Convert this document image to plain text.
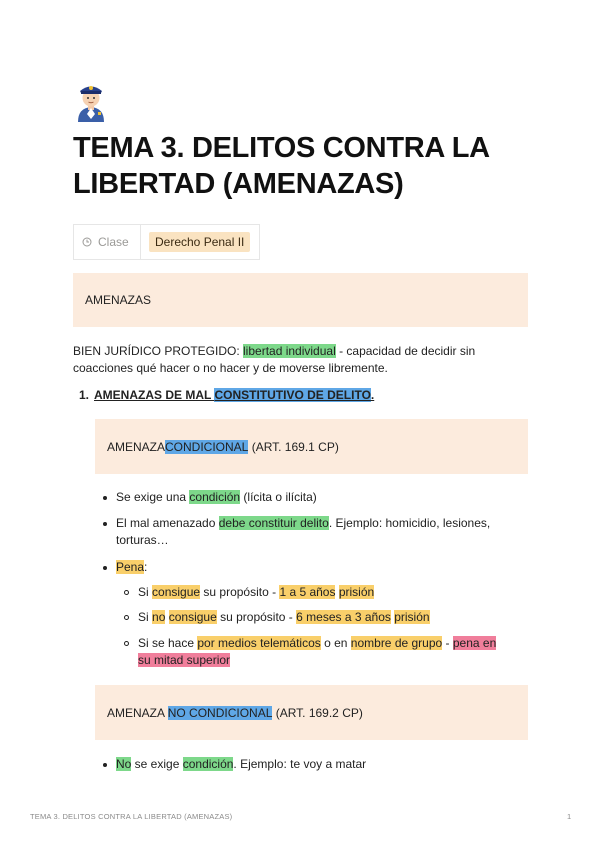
TEMA 3. DELITOS CONTRA LA LIBERTAD (AMENAZAS)
Clase	Derecho Penal II
AMENAZAS
BIEN JURÍDICO PROTEGIDO: libertad individual - capacidad de decidir sin coacciones qué hacer o no hacer y de moverse libremente.
1. AMENAZAS DE MAL CONSTITUTIVO DE DELITO.
AMENAZA CONDICIONAL (ART. 169.1 CP)
Se exige una condición (lícita o ilícita)
El mal amenazado debe constituir delito. Ejemplo: homicidio, lesiones, torturas…
Pena:
Si consigue su propósito - 1 a 5 años prisión
Si no consigue su propósito - 6 meses a 3 años prisión
Si se hace por medios telemáticos o en nombre de grupo - pena en
su mitad superior
AMENAZA NO
CONDICIONAL (ART. 169.2 CP)
No se exige condición. Ejemplo: te voy a matar
TEMA 3. DELITOS CONTRA LA LIBERTAD (AMENAZAS)	1
